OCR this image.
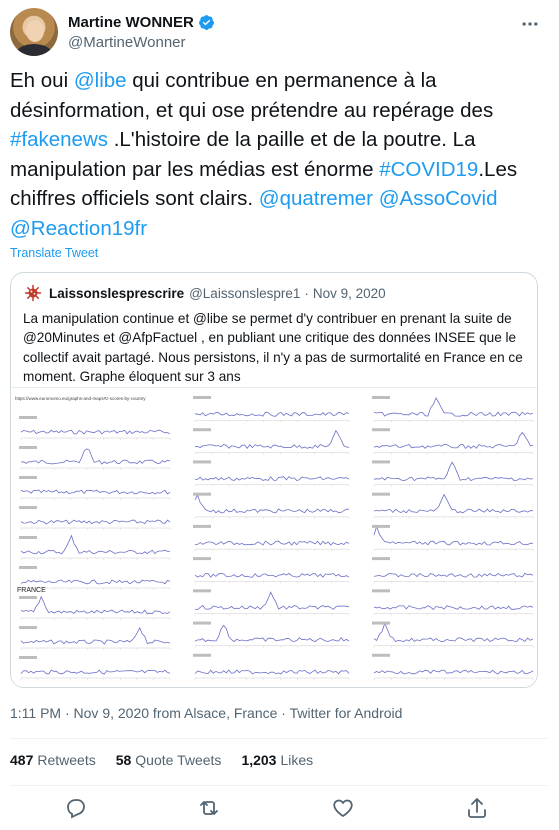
Martine WONNER
@MartineWonner
Eh oui @libe qui contribue en permanence à la désinformation, et qui ose prétendre au repérage des #fakenews .L'histoire de la paille et de la poutre. La manipulation par les médias est énorme #COVID19.Les chiffres officiels sont clairs. @quatremer @AssoCovid @Reaction19fr
Translate Tweet
Laissonslesprescrire @Laissonslespre1 · Nov 9, 2020
La manipulation continue et @libe se permet d'y contribuer en prenant la suite de @20Minutes et @AfpFactuel , en publiant une critique des données INSEE que le collectif avait partagé. Nous persistons, il n'y a pas de surmortalité en France en ce moment. Graphe éloquent sur 3 ans
https://www.euromomo.eu/graphs-and-maps#z-scores-by-country
FRANCE
1:11 PM · Nov 9, 2020 from Alsace, France · Twitter for Android
487 Retweets 58 Quote Tweets 1,203 Likes
